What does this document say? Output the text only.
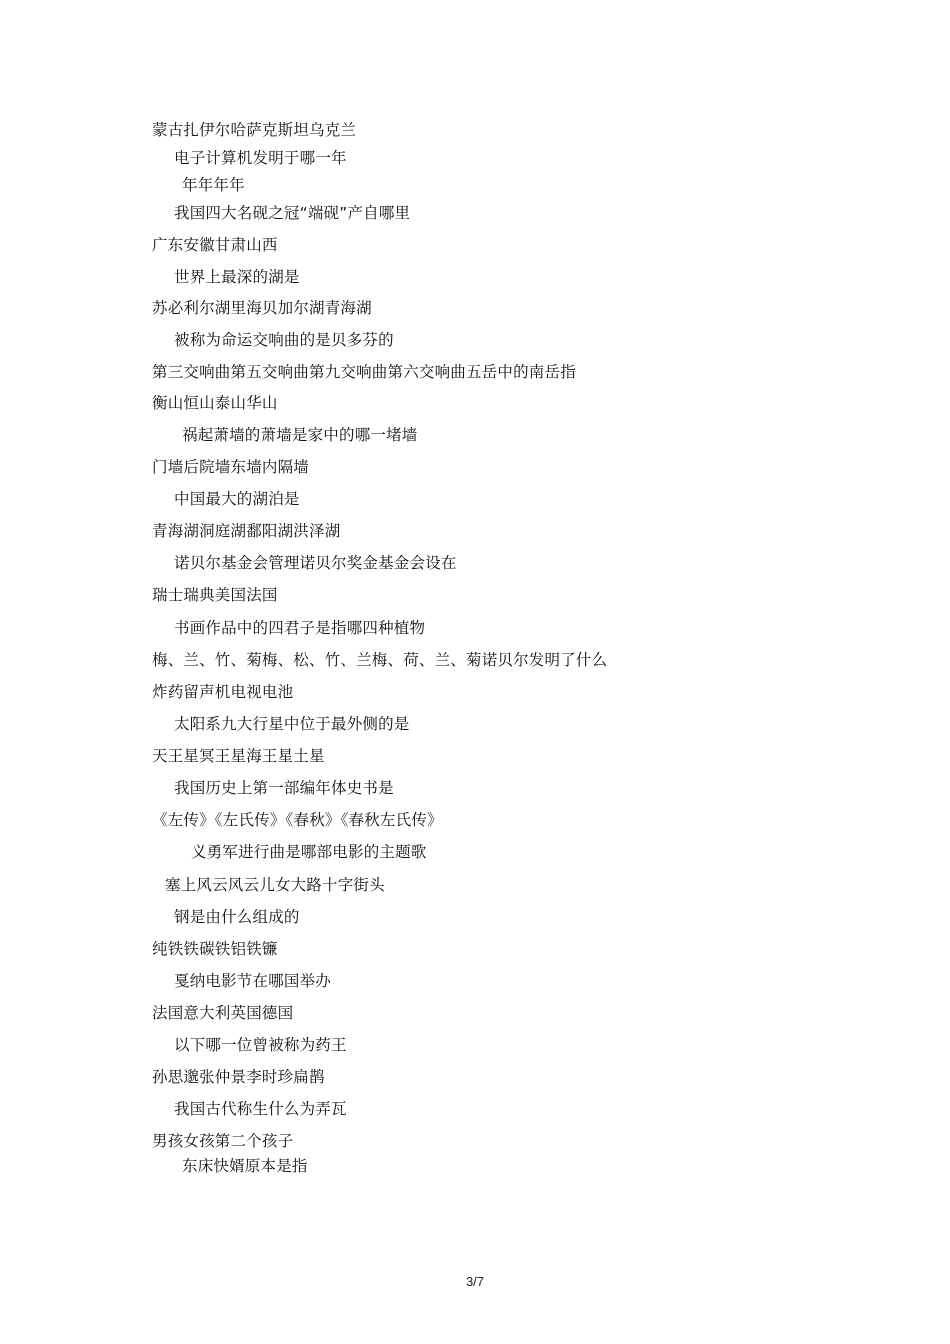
蒙古扎伊尔哈萨克斯坦乌克兰
电子计算机发明于哪一年
年年年年
我国四大名砚之冠“端砚”产自哪里
广东安徽甘肃山西
世界上最深的湖是
苏必利尔湖里海贝加尔湖青海湖
被称为命运交响曲的是贝多芬的
第三交响曲第五交响曲第九交响曲第六交响曲五岳中的南岳指
衡山恒山泰山华山
祸起萧墙的萧墙是家中的哪一堵墙
门墙后院墙东墙内隔墙
中国最大的湖泊是
青海湖洞庭湖鄱阳湖洪泽湖
诺贝尔基金会管理诺贝尔奖金基金会设在
瑞士瑞典美国法国
书画作品中的四君子是指哪四种植物
梅、兰、竹、菊梅、松、竹、兰梅、荷、兰、菊诺贝尔发明了什么
炸药留声机电视电池
太阳系九大行星中位于最外侧的是
天王星冥王星海王星土星
我国历史上第一部编年体史书是
《左传》《左氏传》《春秋》《春秋左氏传》
义勇军进行曲是哪部电影的主题歌
塞上风云风云儿女大路十字街头
钢是由什么组成的
纯铁铁碳铁铝铁镰
戛纳电影节在哪国举办
法国意大利英国德国
以下哪一位曾被称为药王
孙思邈张仲景李时珍扁鹊
我国古代称生什么为弄瓦
男孩女孩第二个孩子
东床快婿原本是指
3/7
